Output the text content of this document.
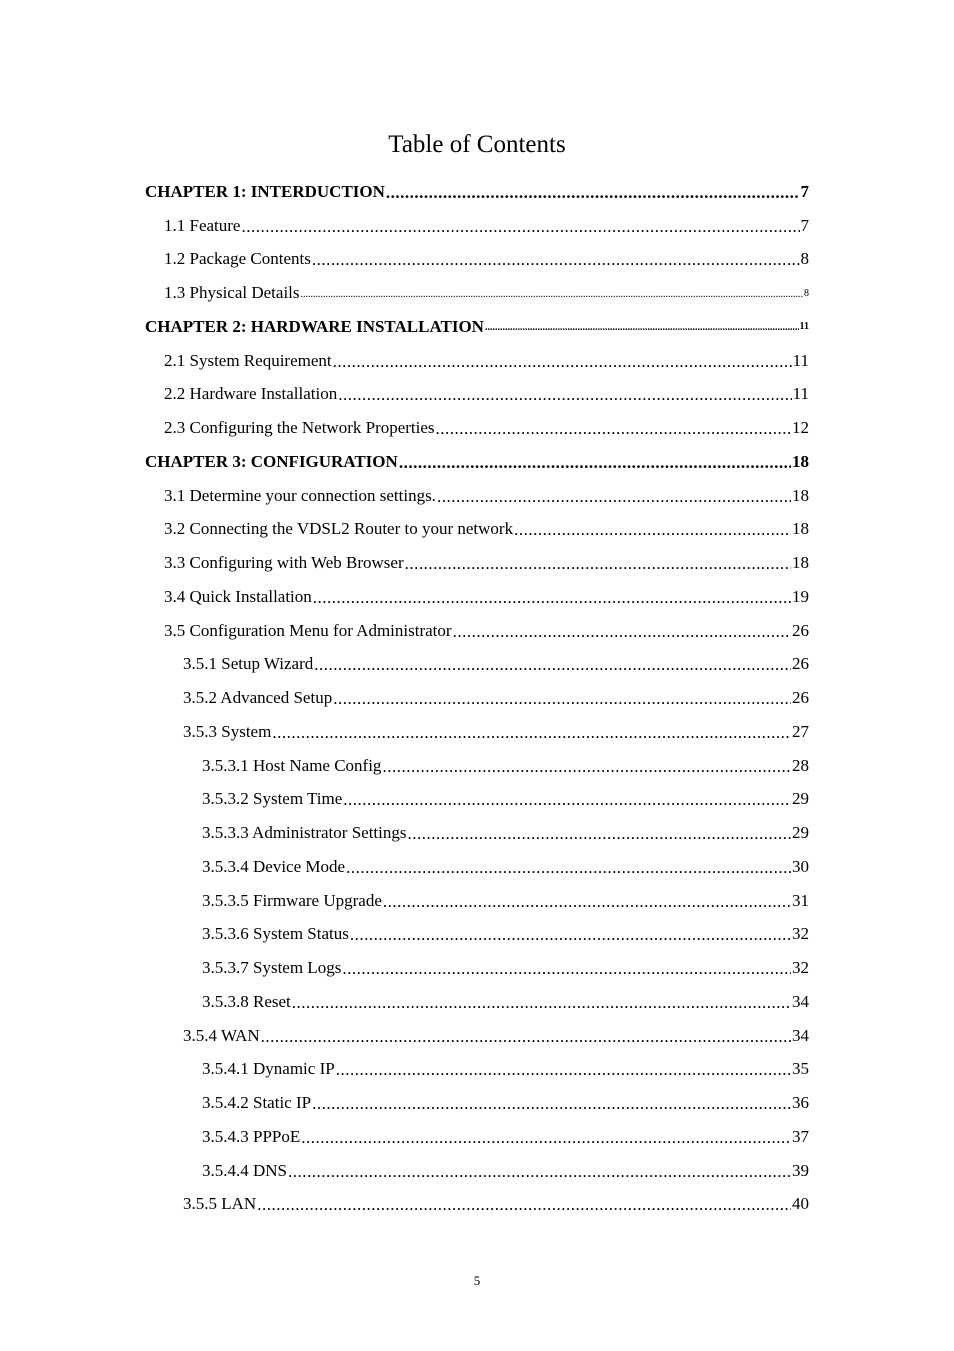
Table of Contents
CHAPTER 1: INTERDUCTION .....	7
1.1 Feature .....	7
1.2 Package Contents .....	8
1.3 Physical Details .....	8
CHAPTER 2: HARDWARE INSTALLATION .....	11
2.1 System Requirement .....	11
2.2 Hardware Installation .....	11
2.3 Configuring the Network Properties .....	12
CHAPTER 3: CONFIGURATION .....	18
3.1 Determine your connection settings. .....	18
3.2 Connecting the VDSL2 Router to your network .....	18
3.3 Configuring with Web Browser .....	18
3.4 Quick Installation .....	19
3.5 Configuration Menu for Administrator .....	26
3.5.1 Setup Wizard .....	26
3.5.2 Advanced Setup .....	26
3.5.3 System .....	27
3.5.3.1 Host Name Config .....	28
3.5.3.2 System Time .....	29
3.5.3.3 Administrator Settings .....	29
3.5.3.4 Device Mode .....	30
3.5.3.5 Firmware Upgrade .....	31
3.5.3.6 System Status .....	32
3.5.3.7 System Logs .....	32
3.5.3.8 Reset .....	34
3.5.4 WAN .....	34
3.5.4.1 Dynamic IP .....	35
3.5.4.2 Static IP .....	36
3.5.4.3 PPPoE .....	37
3.5.4.4 DNS .....	39
3.5.5 LAN .....	40
5
